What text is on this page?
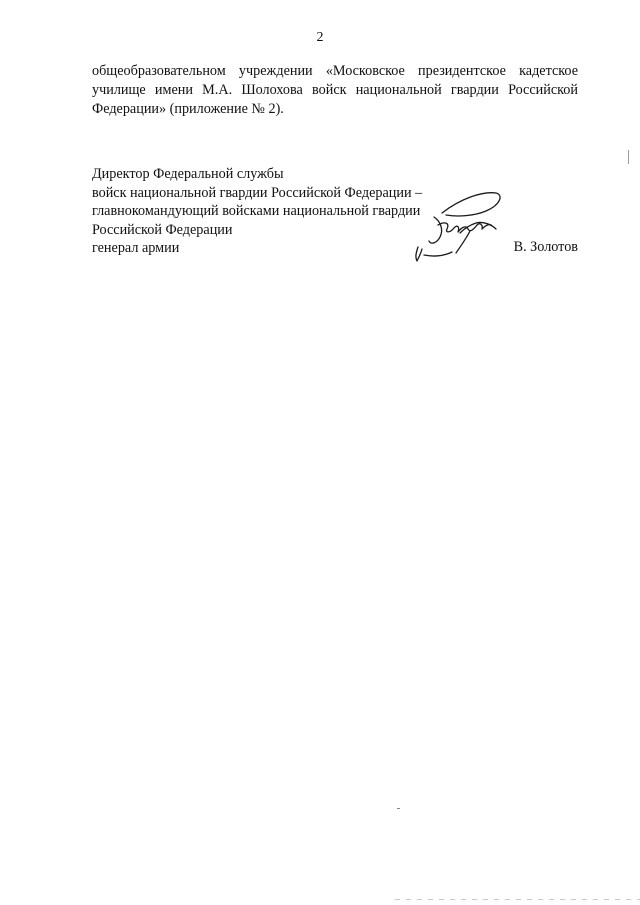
2
общеобразовательном учреждении «Московское президентское кадетское
училище имени М.А. Шолохова войск национальной гвардии Российской
Федерации» (приложение № 2).
Директор Федеральной службы
войск национальной гвардии Российской Федерации –
главнокомандующий войсками национальной гвардии
Российской Федерации
генерал армии	В. Золотов
